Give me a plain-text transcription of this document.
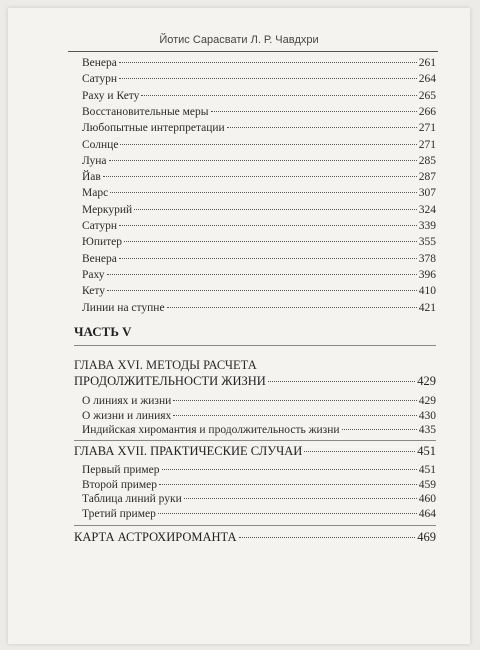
Йотис Сарасвати Л. Р. Чавдхри
Венера	261
Сатурн	264
Раху и Кету	265
Восстановительные меры	266
Любопытные интерпретации	271
Солнце	271
Луна	285
Йав	287
Марс	307
Меркурий	324
Сатурн	339
Юпитер	355
Венера	378
Раху	396
Кету	410
Линии на ступне	421
ЧАСТЬ V
ГЛАВА XVI. МЕТОДЫ РАСЧЕТА
ПРОДОЛЖИТЕЛЬНОСТИ ЖИЗНИ	429
О линиях и жизни	429
О жизни и линиях	430
Индийская хиромантия и продолжительность жизни	435
ГЛАВА XVII. ПРАКТИЧЕСКИЕ СЛУЧАИ	451
Первый пример	451
Второй пример	459
Таблица линий руки	460
Третий пример	464
КАРТА АСТРОХИРОМАНТА	469
